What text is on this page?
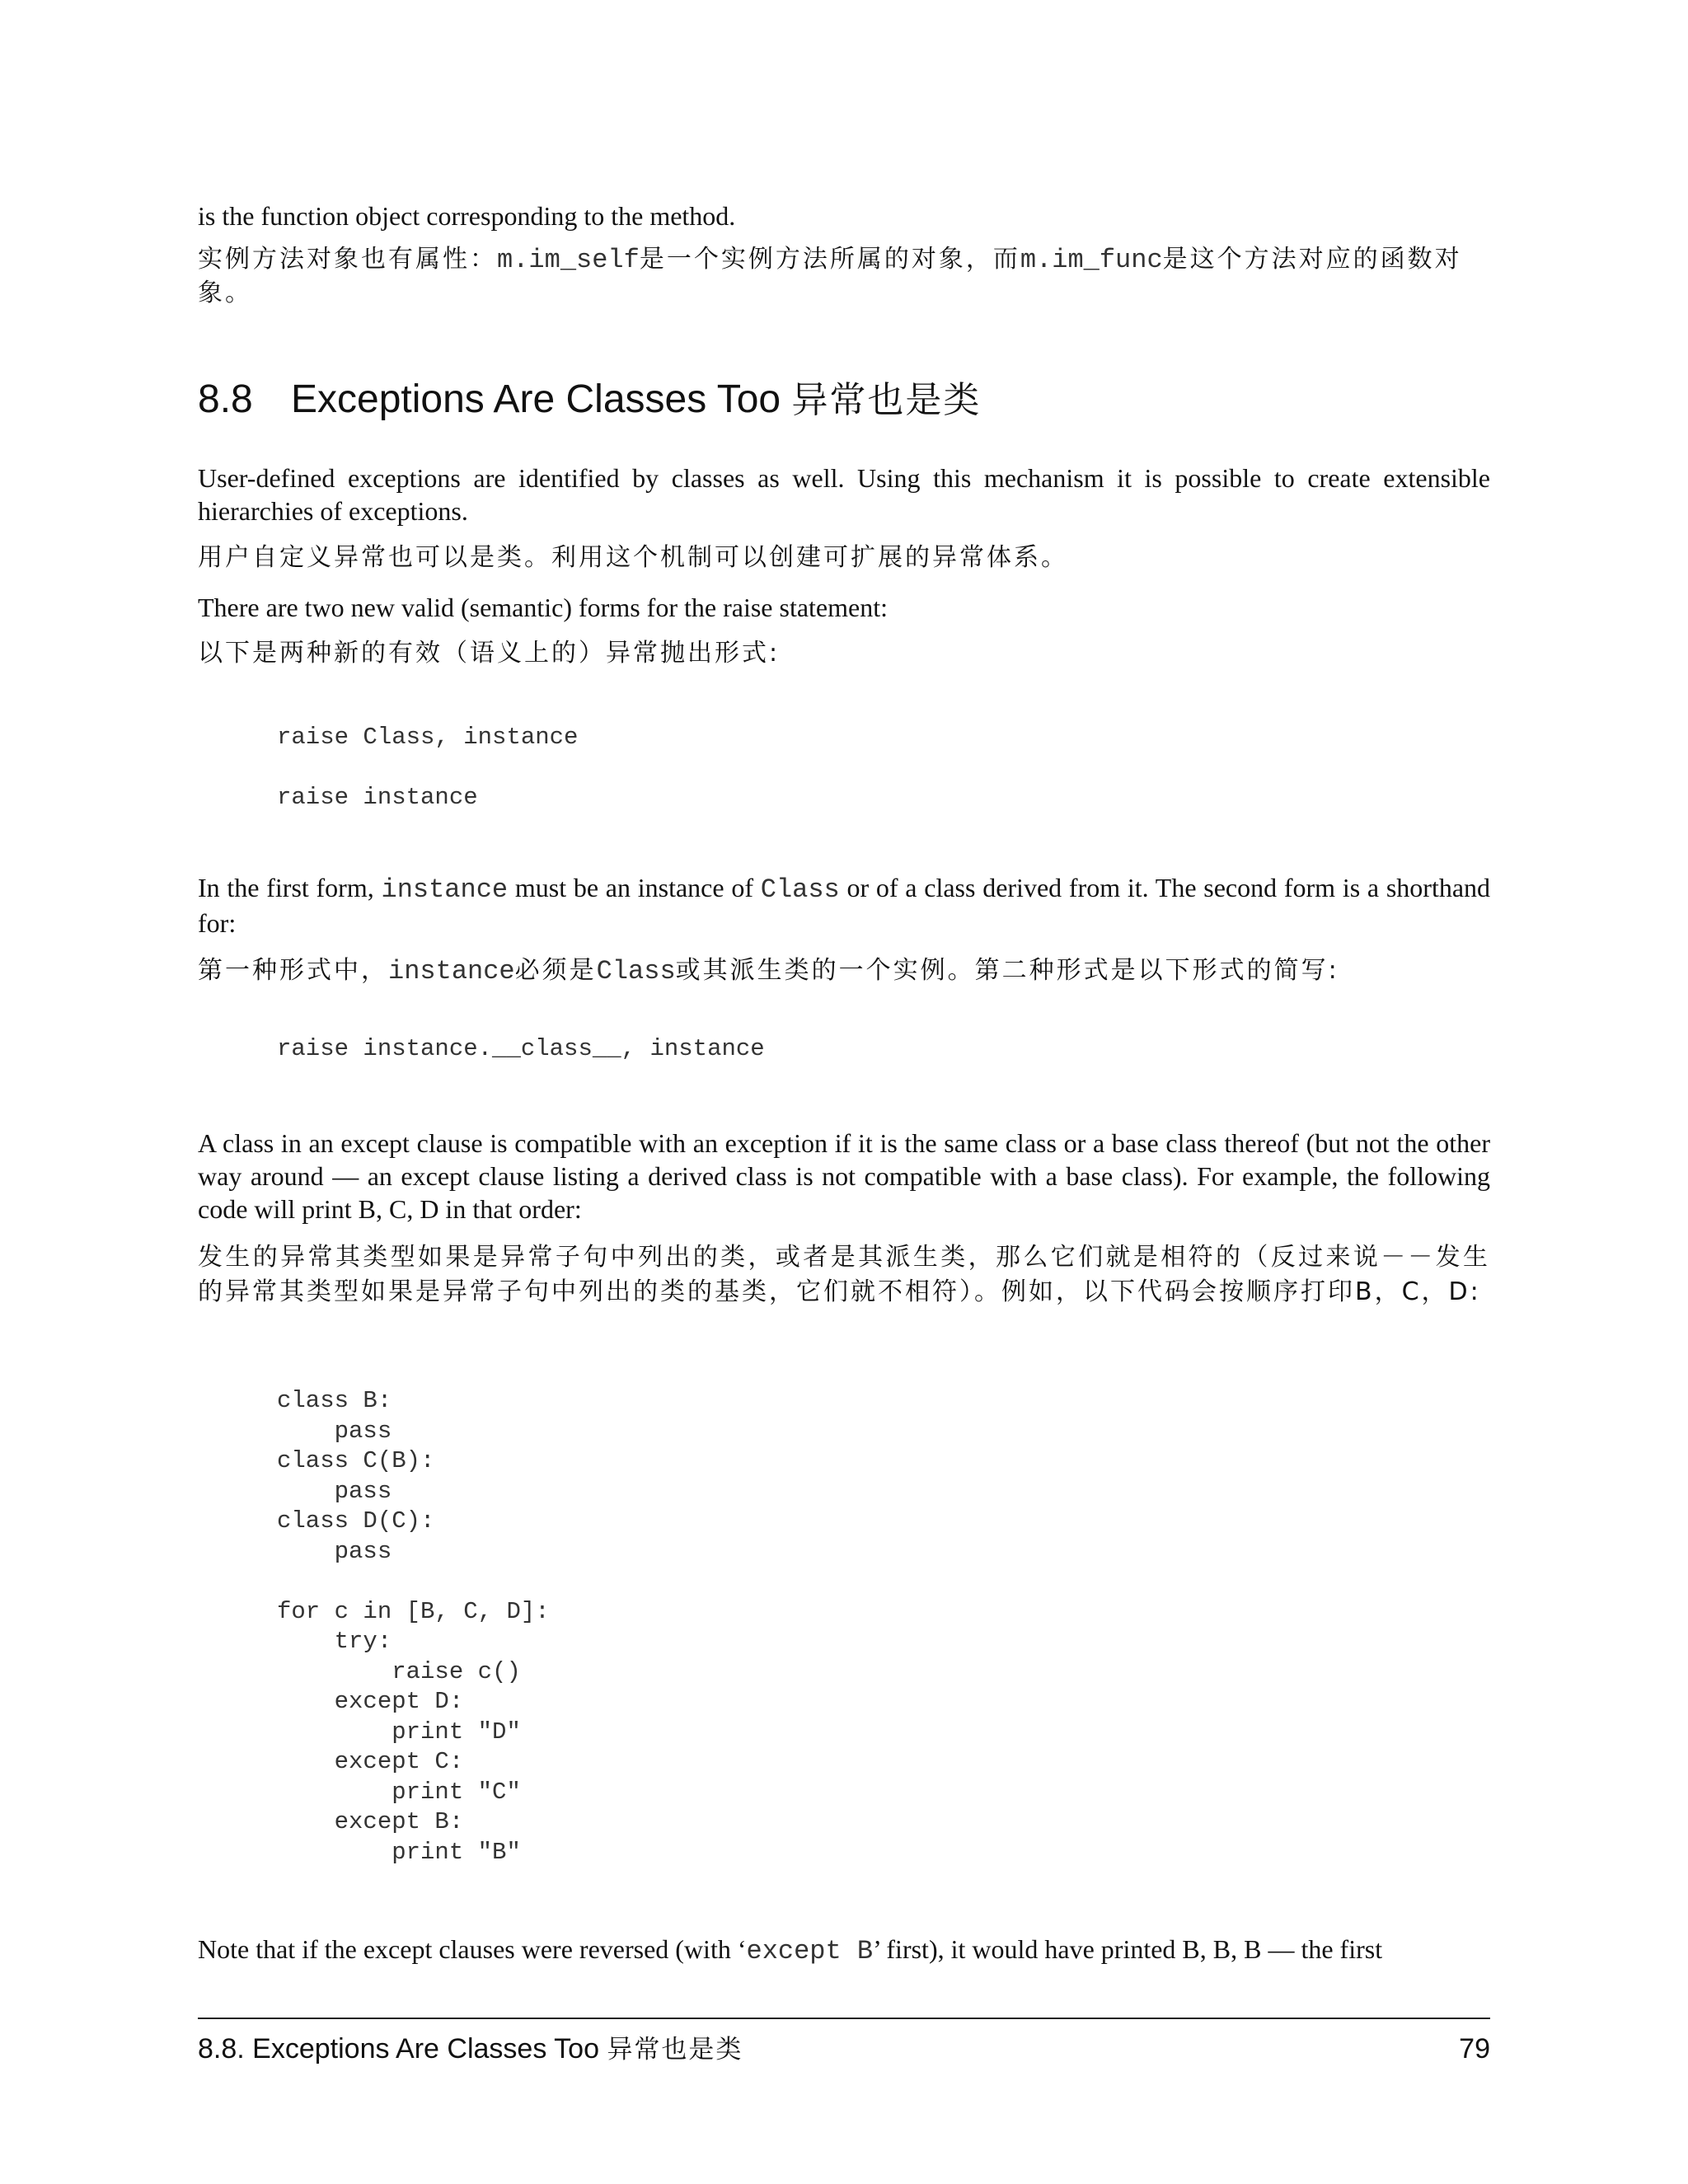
is the function object corresponding to the method.

实例方法对象也有属性：m.im_self是一个实例方法所属的对象，而m.im_func是这个方法对应的函数对象。

8.8 Exceptions Are Classes Too 异常也是类

User-defined exceptions are identified by classes as well. Using this mechanism it is possible to create extensible hierarchies of exceptions.

用户自定义异常也可以是类。利用这个机制可以创建可扩展的异常体系。

There are two new valid (semantic) forms for the raise statement:

以下是两种新的有效（语义上的）异常抛出形式:

raise Class, instance

raise instance

In the first form, instance must be an instance of Class or of a class derived from it. The second form is a shorthand for:

第一种形式中，instance必须是Class或其派生类的一个实例。第二种形式是以下形式的简写:

raise instance.__class__, instance

A class in an except clause is compatible with an exception if it is the same class or a base class thereof (but not the other way around — an except clause listing a derived class is not compatible with a base class). For example, the following code will print B, C, D in that order:

发生的异常其类型如果是异常子句中列出的类，或者是其派生类，那么它们就是相符的（反过来说－－发生的异常其类型如果是异常子句中列出的类的基类，它们就不相符）。例如，以下代码会按顺序打印B，C，D:

class B:
pass
class C(B):
pass
class D(C):
pass

for c in [B, C, D]:
try:
raise c()
except D:
print "D"
except C:
print "C"
except B:
print "B"

Note that if the except clauses were reversed (with ‘except B’ first), it would have printed B, B, B — the first

8.8. Exceptions Are Classes Too 异常也是类	79
